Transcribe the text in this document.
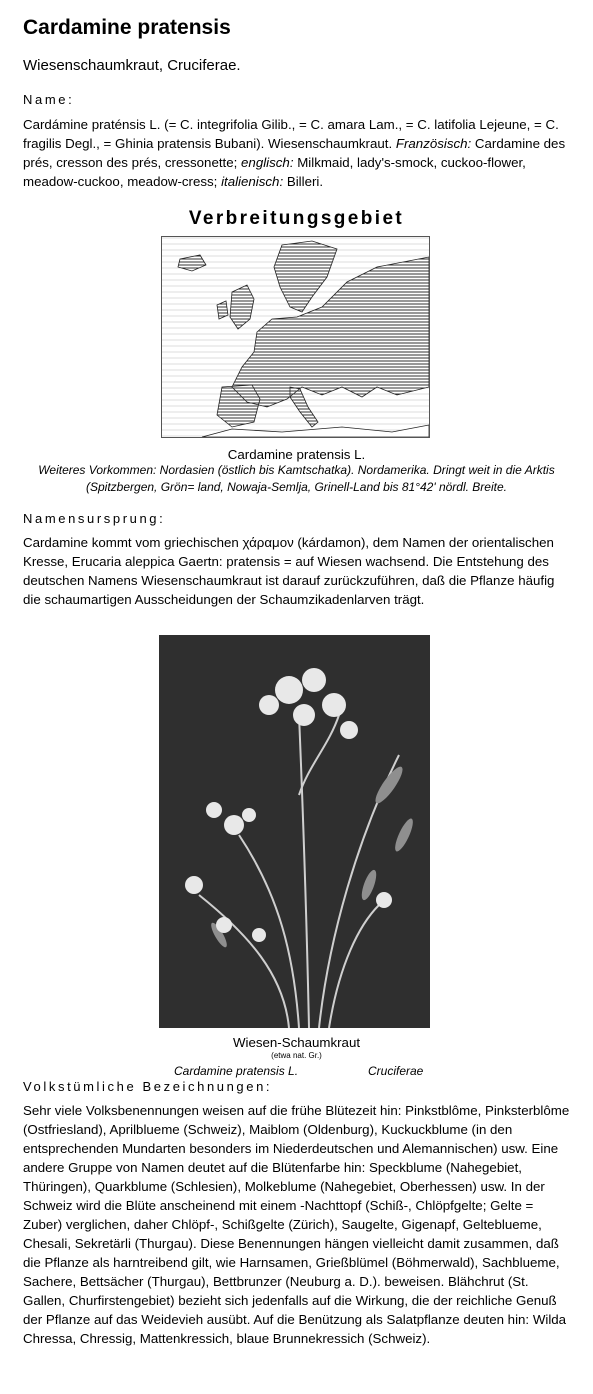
Cardamine pratensis
Wiesenschaumkraut, Cruciferae.
Name:

Cardámine praténsis L. (= C. integrifolia Gilib., = C. amara Lam., = C. latifolia Lejeune, = C. fragilis Degl., = Ghinia pratensis Bubani). Wiesenschaumkraut. Französisch: Cardamine des prés, cresson des prés, cressonette; englisch: Milkmaid, lady's-smock, cuckoo-flower, meadow-cuckoo, meadow-cress; italienisch: Billeri.

Verbreitungsgebiet
Cardamine pratensis L.
Weiteres Vorkommen: Nordasien (östlich bis Kamtschatka). Nordamerika. Dringt weit in die Arktis (Spitzbergen, Grön= land, Nowaja-Semlja, Grinell-Land bis 81°42' nördl. Breite.
Namensursprung:

Cardamine kommt vom griechischen χάραμον (kárdamon), dem Namen der orientalischen Kresse, Erucaria aleppica Gaertn: pratensis = auf Wiesen wachsend. Die Entstehung des deutschen Namens Wiesenschaumkraut ist darauf zurückzuführen, daß die Pflanze häufig die schaumartigen Ausscheidungen der Schaumzikadenlarven trägt.

Wiesen-Schaumkraut
(etwa nat. Gr.)
Cardamine pratensis L.	Cruciferae
Volkstümliche Bezeichnungen:

Sehr viele Volksbenennungen weisen auf die frühe Blütezeit hin: Pinkstblôme, Pinksterblôme (Ostfriesland), Aprilblueme (Schweiz), Maiblom (Oldenburg), Kuckuckblume (in den entsprechenden Mundarten besonders im Niederdeutschen und Alemannischen) usw. Eine andere Gruppe von Namen deutet auf die Blütenfarbe hin: Speckblume (Nahegebiet, Thüringen), Quarkblume (Schlesien), Molkeblume (Nahegebiet, Oberhessen) usw. In der Schweiz wird die Blüte anscheinend mit einem -Nachttopf (Schiß-, Chlöpfgelte; Gelte = Zuber) verglichen, daher Chlöpf-, Schißgelte (Zürich), Saugelte, Gigenapf, Gelteblueme, Chesali, Sekretärli (Thurgau). Diese Benennungen hängen vielleicht damit zusammen, daß die Pflanze als harntreibend gilt, wie Harnsamen, Grießblümel (Böhmerwald), Sachblueme, Sachere, Bettsächer (Thurgau), Bettbrunzer (Neuburg a. D.). beweisen. Blähchrut (St. Gallen, Churfirstengebiet) bezieht sich jedenfalls auf die Wirkung, die der reichliche Genuß der Pflanze auf das Weidevieh ausübt. Auf die Benützung als Salatpflanze deuten hin: Wilda Chressa, Chressig, Mattenkressich, blaue Brunnekressich (Schweiz).
